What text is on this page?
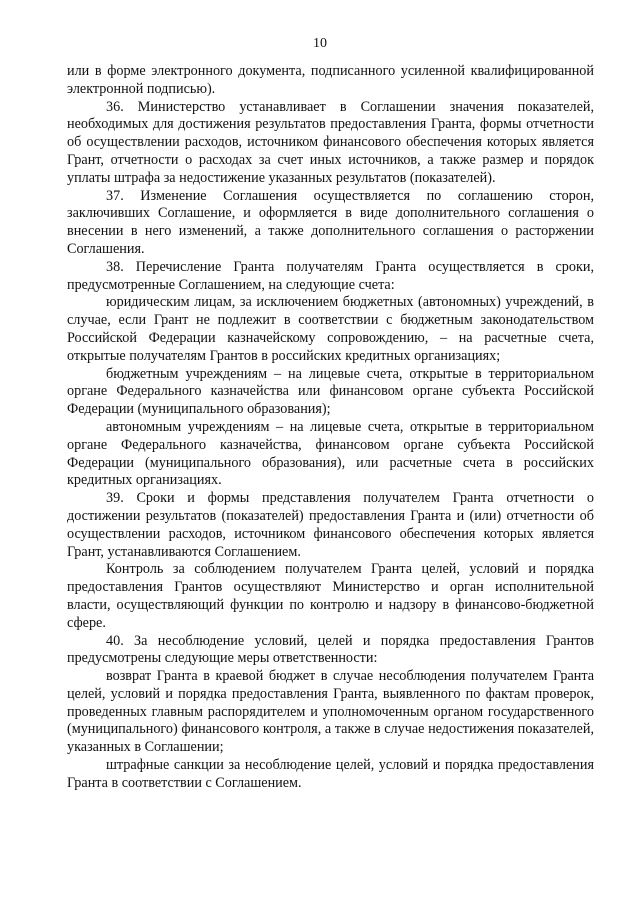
10

или в форме электронного документа, подписанного усиленной квалифицированной электронной подписью).

36. Министерство устанавливает в Соглашении значения показателей, необходимых для достижения результатов предоставления Гранта, формы отчетности об осуществлении расходов, источником финансового обеспечения которых является Грант, отчетности о расходах за счет иных источников, а также размер и порядок уплаты штрафа за недостижение указанных результатов (показателей).

37. Изменение Соглашения осуществляется по соглашению сторон, заключивших Соглашение, и оформляется в виде дополнительного соглашения о внесении в него изменений, а также дополнительного соглашения о расторжении Соглашения.

38. Перечисление Гранта получателям Гранта осуществляется в сроки, предусмотренные Соглашением, на следующие счета:

юридическим лицам, за исключением бюджетных (автономных) учреждений, в случае, если Грант не подлежит в соответствии с бюджетным законодательством Российской Федерации казначейскому сопровождению, – на расчетные счета, открытые получателям Грантов в российских кредитных организациях;

бюджетным учреждениям – на лицевые счета, открытые в территориальном органе Федерального казначейства или финансовом органе субъекта Российской Федерации (муниципального образования);

автономным учреждениям – на лицевые счета, открытые в территориальном органе Федерального казначейства, финансовом органе субъекта Российской Федерации (муниципального образования), или расчетные счета в российских кредитных организациях.

39. Сроки и формы представления получателем Гранта отчетности о достижении результатов (показателей) предоставления Гранта и (или) отчетности об осуществлении расходов, источником финансового обеспечения которых является Грант, устанавливаются Соглашением.

Контроль за соблюдением получателем Гранта целей, условий и порядка предоставления Грантов осуществляют Министерство и орган исполнительной власти, осуществляющий функции по контролю и надзору в финансово-бюджетной сфере.

40. За несоблюдение условий, целей и порядка предоставления Грантов предусмотрены следующие меры ответственности:

возврат Гранта в краевой бюджет в случае несоблюдения получателем Гранта целей, условий и порядка предоставления Гранта, выявленного по фактам проверок, проведенных главным распорядителем и уполномоченным органом государственного (муниципального) финансового контроля, а также в случае недостижения показателей, указанных в Соглашении;

штрафные санкции за несоблюдение целей, условий и порядка предоставления Гранта в соответствии с Соглашением.
